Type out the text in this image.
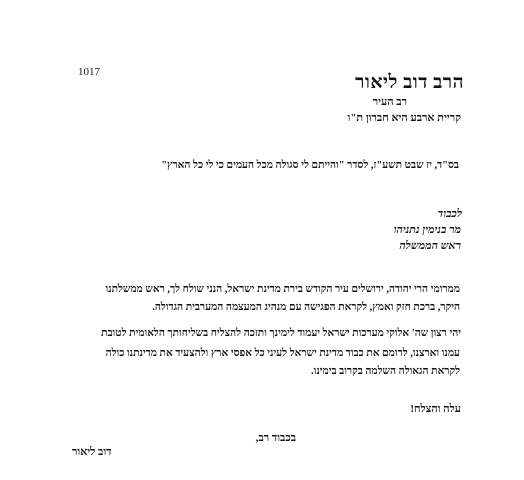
1017	הרב דוב ליאור
רב העיר
קריית ארבע היא חברון ת"ו
בס"ד, יז שבט תשע"ז, לסדר "והייתם לי סגולה מכל העמים כי לי כל הארץ"
לכבוד
מר בנימין נתניהו
ראש הממשלה
ממרומי הרי יהודה, ירושלים עיר הקודש בירת מדינת ישראל, הנני שולח לך, ראש ממשלתנו
היקר, ברכת חזק ואמץ, לקראת הפגישה עם מנהיג המעצמה המערבית הגדולה.
יהי רצון שה' אלוקי מערכות ישראל יעמוד לימינך ותזכה להצליח בשליחותך הלאומית לטובת
עמנו וארצנו, לרומם את כבוד מדינת ישראל לעיני כל אפסי ארץ ולהצעיד את מדינתנו כולה
לקראת הגאולה השלמה בקרוב בימינו.
עלה והצלח!
בכבוד רב,
דוב ליאור
